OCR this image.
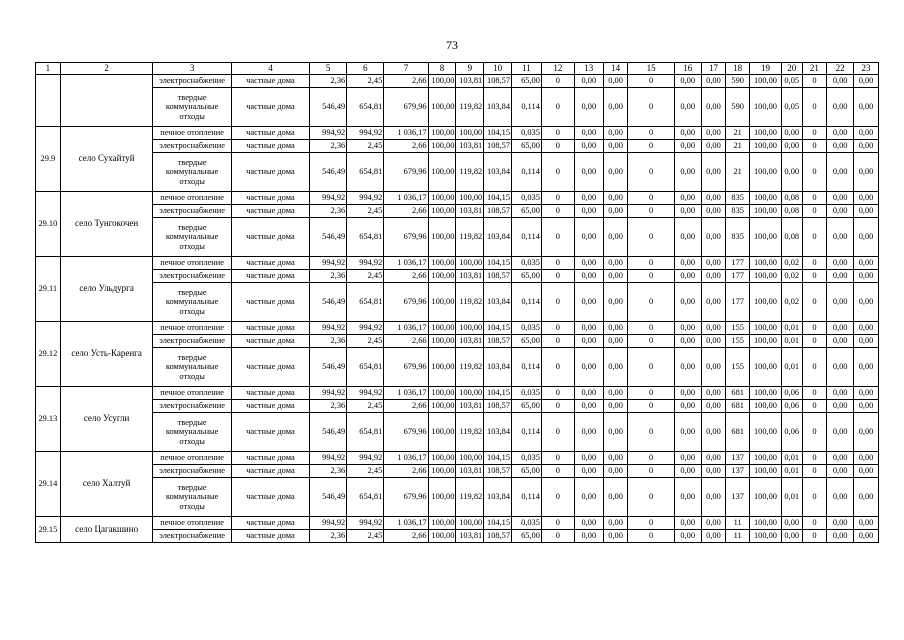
73
1	2	3	4	5	6	7	8	9	10	11	12	13	14	15	16	17	18	19	20	21	22	23
		электроснабжение	частные дома	2,36	2,45	2,66	100,00	103,81	108,57	65,00	0	0,00	0,00	0	0,00	0,00	590	100,00	0,05	0	0,00	0,00
		твердые коммунальные отходы	частные дома	546,49	654,81	679,96	100,00	119,82	103,84	0,114	0	0,00	0,00	0	0,00	0,00	590	100,00	0,05	0	0,00	0,00
29.9	село Сухайтуй	печное отопление	частные дома	994,92	994,92	1 036,17	100,00	100,00	104,15	0,035	0	0,00	0,00	0	0,00	0,00	21	100,00	0,00	0	0,00	0,00
		электроснабжение	частные дома	2,36	2,45	2,66	100,00	103,81	108,57	65,00	0	0,00	0,00	0	0,00	0,00	21	100,00	0,00	0	0,00	0,00
		твердые коммунальные отходы	частные дома	546,49	654,81	679,96	100,00	119,82	103,84	0,114	0	0,00	0,00	0	0,00	0,00	21	100,00	0,00	0	0,00	0,00
29.10	село Тунгокочен	печное отопление	частные дома	994,92	994,92	1 036,17	100,00	100,00	104,15	0,035	0	0,00	0,00	0	0,00	0,00	835	100,00	0,08	0	0,00	0,00
		электроснабжение	частные дома	2,36	2,45	2,66	100,00	103,81	108,57	65,00	0	0,00	0,00	0	0,00	0,00	835	100,00	0,08	0	0,00	0,00
		твердые коммунальные отходы	частные дома	546,49	654,81	679,96	100,00	119,82	103,84	0,114	0	0,00	0,00	0	0,00	0,00	835	100,00	0,08	0	0,00	0,00
29.11	село Ульдурга	печное отопление	частные дома	994,92	994,92	1 036,17	100,00	100,00	104,15	0,035	0	0,00	0,00	0	0,00	0,00	177	100,00	0,02	0	0,00	0,00
		электроснабжение	частные дома	2,36	2,45	2,66	100,00	103,81	108,57	65,00	0	0,00	0,00	0	0,00	0,00	177	100,00	0,02	0	0,00	0,00
		твердые коммунальные отходы	частные дома	546,49	654,81	679,96	100,00	119,82	103,84	0,114	0	0,00	0,00	0	0,00	0,00	177	100,00	0,02	0	0,00	0,00
29.12	село Усть-Каренга	печное отопление	частные дома	994,92	994,92	1 036,17	100,00	100,00	104,15	0,035	0	0,00	0,00	0	0,00	0,00	155	100,00	0,01	0	0,00	0,00
		электроснабжение	частные дома	2,36	2,45	2,66	100,00	103,81	108,57	65,00	0	0,00	0,00	0	0,00	0,00	155	100,00	0,01	0	0,00	0,00
		твердые коммунальные отходы	частные дома	546,49	654,81	679,96	100,00	119,82	103,84	0,114	0	0,00	0,00	0	0,00	0,00	155	100,00	0,01	0	0,00	0,00
29.13	село Усугли	печное отопление	частные дома	994,92	994,92	1 036,17	100,00	100,00	104,15	0,035	0	0,00	0,00	0	0,00	0,00	681	100,00	0,06	0	0,00	0,00
		электроснабжение	частные дома	2,36	2,45	2,66	100,00	103,81	108,57	65,00	0	0,00	0,00	0	0,00	0,00	681	100,00	0,06	0	0,00	0,00
		твердые коммунальные отходы	частные дома	546,49	654,81	679,96	100,00	119,82	103,84	0,114	0	0,00	0,00	0	0,00	0,00	681	100,00	0,06	0	0,00	0,00
29.14	село Халтуй	печное отопление	частные дома	994,92	994,92	1 036,17	100,00	100,00	104,15	0,035	0	0,00	0,00	0	0,00	0,00	137	100,00	0,01	0	0,00	0,00
		электроснабжение	частные дома	2,36	2,45	2,66	100,00	103,81	108,57	65,00	0	0,00	0,00	0	0,00	0,00	137	100,00	0,01	0	0,00	0,00
		твердые коммунальные отходы	частные дома	546,49	654,81	679,96	100,00	119,82	103,84	0,114	0	0,00	0,00	0	0,00	0,00	137	100,00	0,01	0	0,00	0,00
29.15	село Цагакшино	печное отопление	частные дома	994,92	994,92	1 036,17	100,00	100,00	104,15	0,035	0	0,00	0,00	0	0,00	0,00	11	100,00	0,00	0	0,00	0,00
		электроснабжение	частные дома	2,36	2,45	2,66	100,00	103,81	108,57	65,00	0	0,00	0,00	0	0,00	0,00	11	100,00	0,00	0	0,00	0,00
